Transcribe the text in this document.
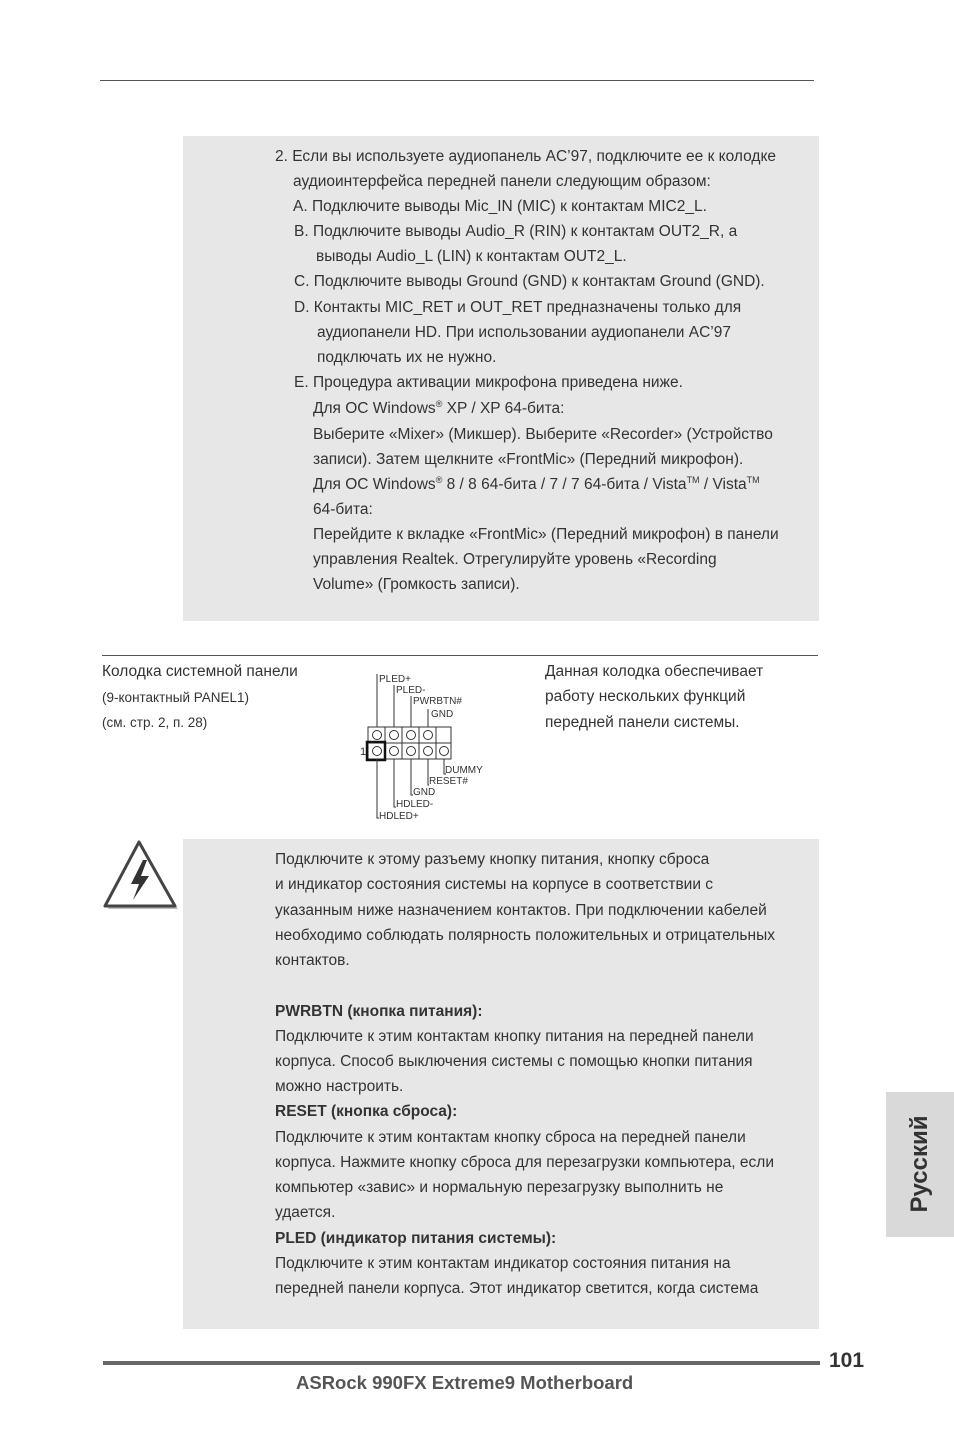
2. Если вы используете аудиопанель AC’97, подключите ее к колодке
аудиоинтерфейса передней панели следующим образом:
A. Подключите выводы Mic_IN (MIC) к контактам MIC2_L.
B. Подключите выводы Audio_R (RIN) к контактам OUT2_R, а
выводы Audio_L (LIN) к контактам OUT2_L.
C. Подключите выводы Ground (GND) к контактам Ground (GND).
D. Контакты MIC_RET и OUT_RET предназначены только для
аудиопанели HD. При использовании аудиопанели AC’97
подключать их не нужно.
E. Процедура активации микрофона приведена ниже.
Для ОС Windows® XP / XP 64-бита:
Выберите «Mixer» (Микшер). Выберите «Recorder» (Устройство
записи). Затем щелкните «FrontMic» (Передний микрофон).
Для ОС Windows® 8 / 8 64-бита / 7 / 7 64-бита / Vista™ / Vista™
64-бита:
Перейдите к вкладке «FrontMic» (Передний микрофон) в панели
управления Realtek. Отрегулируйте уровень «Recording
Volume» (Громкость записи).
Колодка системной панели
(9-контактный PANEL1)
(см. стр. 2, п. 28)
Данная колодка обеспечивает
работу нескольких функций
передней панели системы.
PLED+
PLED-
PWRBTN#
GND
1
DUMMY
RESET#
GND
HDLED-
HDLED+
Подключите к этому разъему кнопку питания, кнопку сброса
и индикатор состояния системы на корпусе в соответствии с
указанным ниже назначением контактов. При подключении кабелей
необходимо соблюдать полярность положительных и отрицательных
контактов.
PWRBTN (кнопка питания):
Подключите к этим контактам кнопку питания на передней панели
корпуса. Способ выключения системы с помощью кнопки питания
можно настроить.
RESET (кнопка сброса):
Подключите к этим контактам кнопку сброса на передней панели
корпуса. Нажмите кнопку сброса для перезагрузки компьютера, если
компьютер «завис» и нормальную перезагрузку выполнить не
удается.
PLED (индикатор питания системы):
Подключите к этим контактам индикатор состояния питания на
передней панели корпуса. Этот индикатор светится, когда система
Русский
101
ASRock 990FX Extreme9 Motherboard
